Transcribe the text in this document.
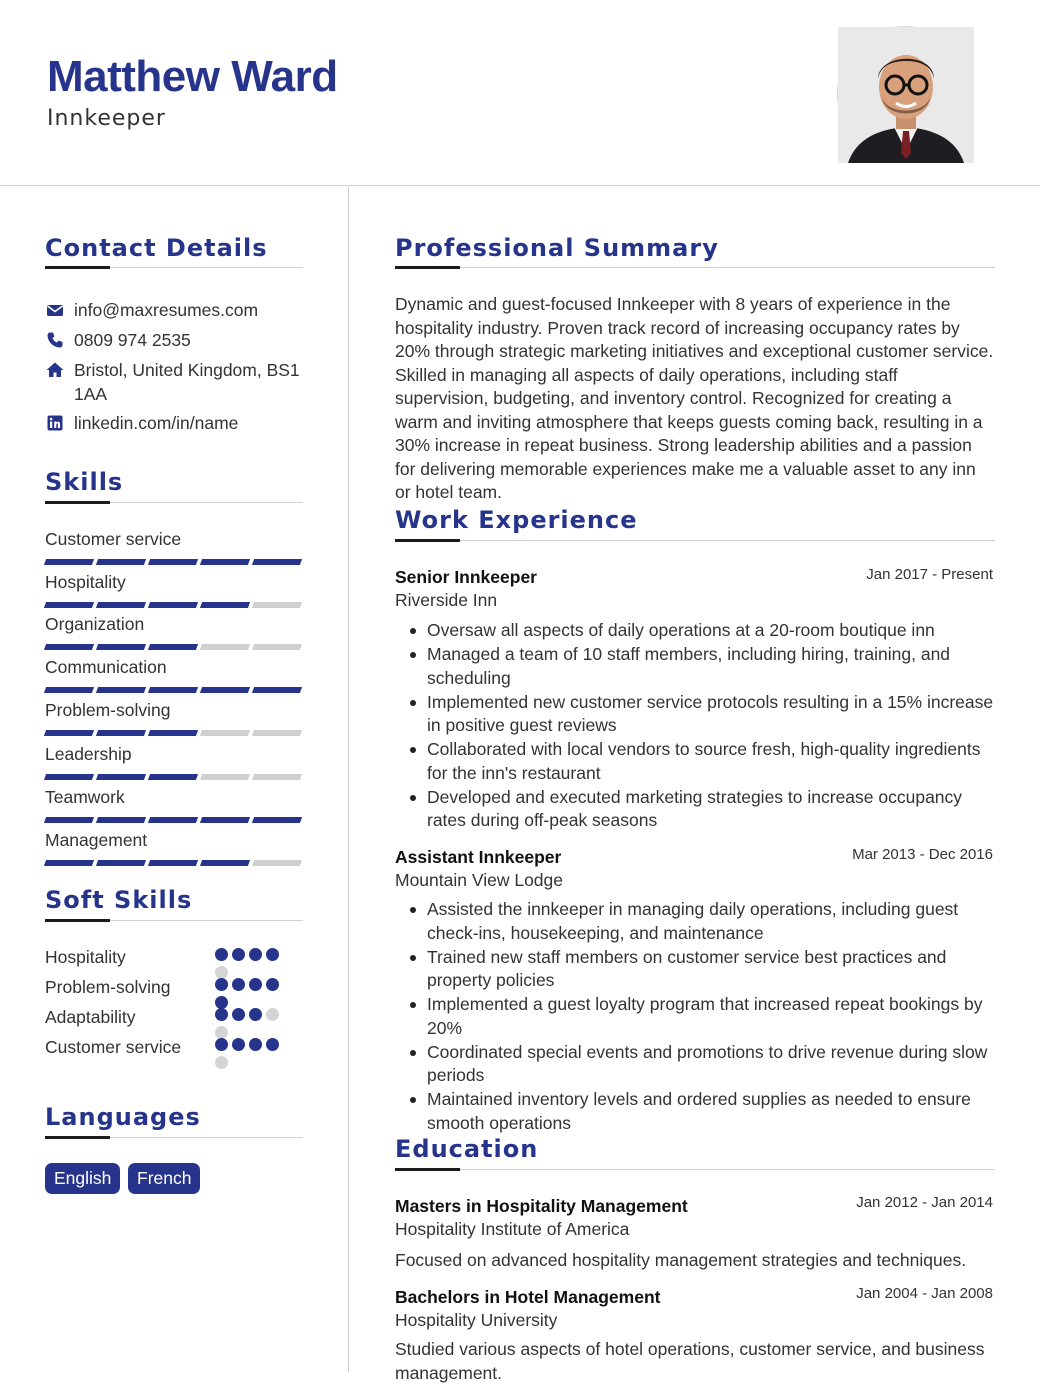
Matthew Ward
Innkeeper
Contact Details
info@maxresumes.com
0809 974 2535
Bristol, United Kingdom, BS1 1AA
linkedin.com/in/name
Skills
Customer service
Hospitality
Organization
Communication
Problem-solving
Leadership
Teamwork
Management
Soft Skills
Hospitality
Problem-solving
Adaptability
Customer service
Languages
English	French
Professional Summary
Dynamic and guest-focused Innkeeper with 8 years of experience in the hospitality industry. Proven track record of increasing occupancy rates by 20% through strategic marketing initiatives and exceptional customer service. Skilled in managing all aspects of daily operations, including staff supervision, budgeting, and inventory control. Recognized for creating a warm and inviting atmosphere that keeps guests coming back, resulting in a 30% increase in repeat business. Strong leadership abilities and a passion for delivering memorable experiences make me a valuable asset to any inn or hotel team.
Work Experience
Senior Innkeeper	Jan 2017 - Present
Riverside Inn
Oversaw all aspects of daily operations at a 20-room boutique inn
Managed a team of 10 staff members, including hiring, training, and scheduling
Implemented new customer service protocols resulting in a 15% increase in positive guest reviews
Collaborated with local vendors to source fresh, high-quality ingredients for the inn's restaurant
Developed and executed marketing strategies to increase occupancy rates during off-peak seasons
Assistant Innkeeper	Mar 2013 - Dec 2016
Mountain View Lodge
Assisted the innkeeper in managing daily operations, including guest check-ins, housekeeping, and maintenance
Trained new staff members on customer service best practices and property policies
Implemented a guest loyalty program that increased repeat bookings by 20%
Coordinated special events and promotions to drive revenue during slow periods
Maintained inventory levels and ordered supplies as needed to ensure smooth operations
Education
Masters in Hospitality Management	Jan 2012 - Jan 2014
Hospitality Institute of America
Focused on advanced hospitality management strategies and techniques.
Bachelors in Hotel Management	Jan 2004 - Jan 2008
Hospitality University
Studied various aspects of hotel operations, customer service, and business management.
